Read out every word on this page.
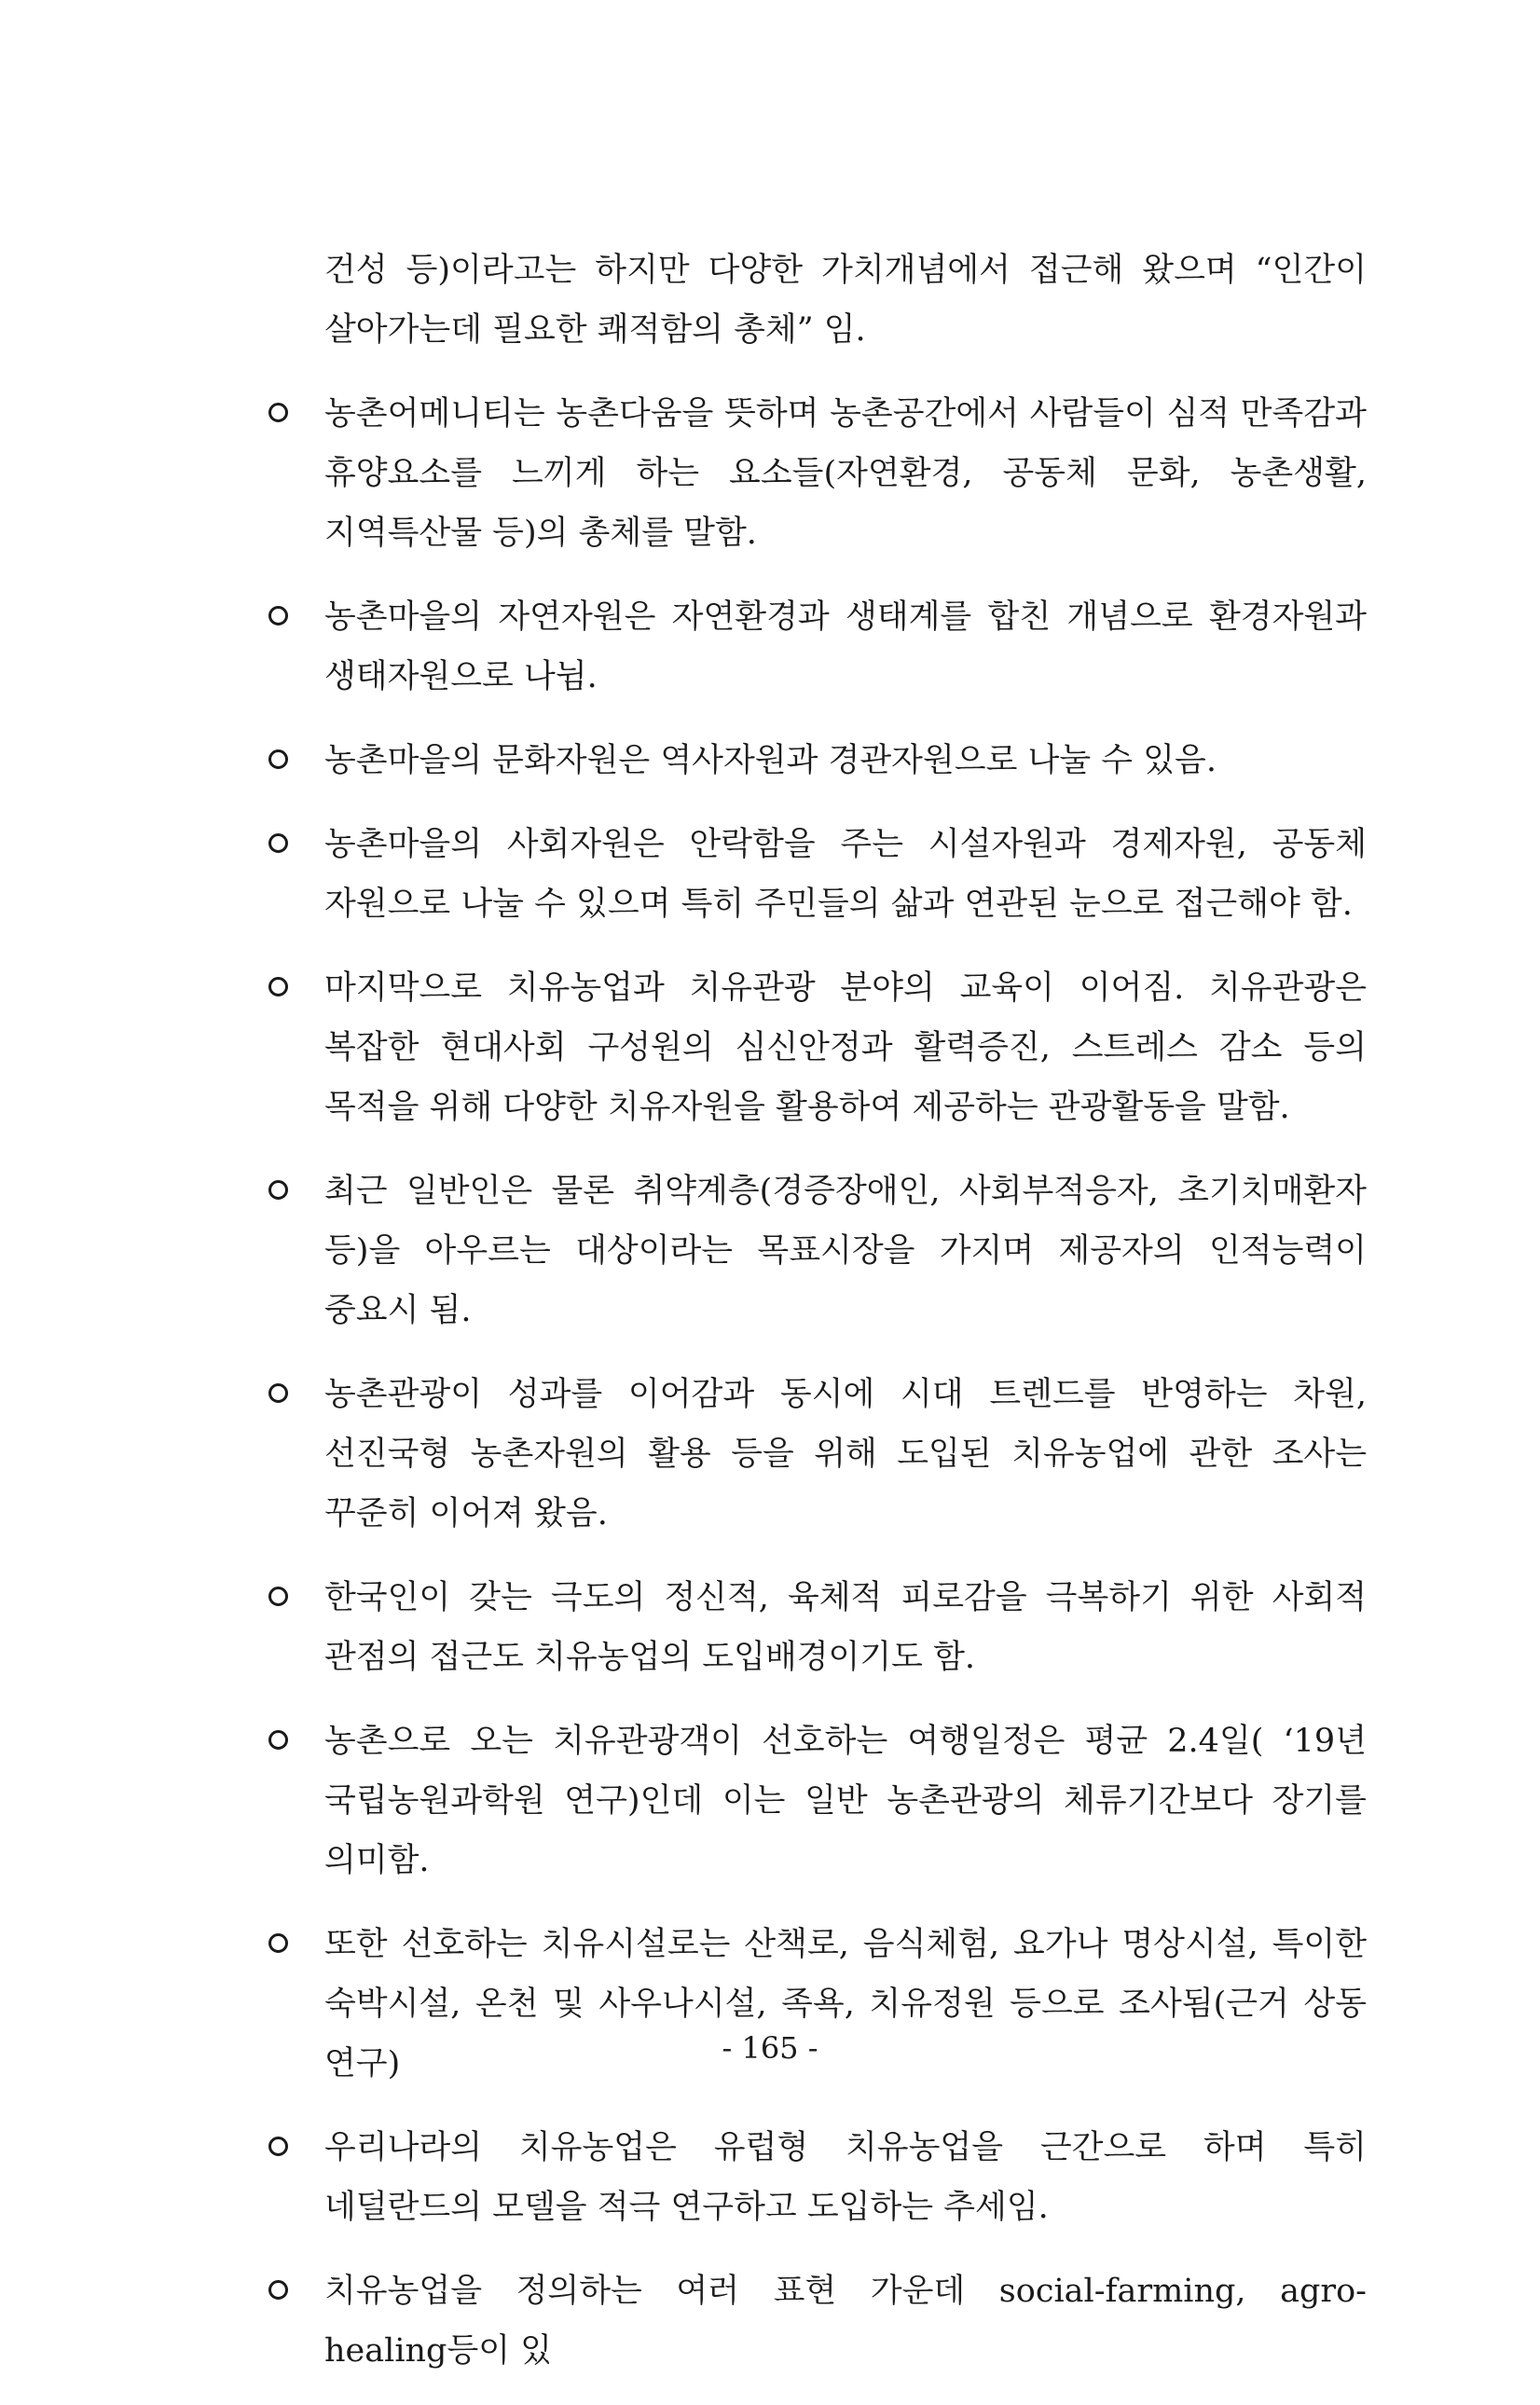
건성 등)이라고는 하지만 다양한 가치개념에서 접근해 왔으며 “인간이 살아가는데 필요한 쾌적함의 총체” 임.

농촌어메니티는 농촌다움을 뜻하며 농촌공간에서 사람들이 심적 만족감과 휴양요소를 느끼게 하는 요소들(자연환경, 공동체 문화, 농촌생활, 지역특산물 등)의 총체를 말함.
농촌마을의 자연자원은 자연환경과 생태계를 합친 개념으로 환경자원과 생태자원으로 나뉨.
농촌마을의 문화자원은 역사자원과 경관자원으로 나눌 수 있음.
농촌마을의 사회자원은 안락함을 주는 시설자원과 경제자원, 공동체 자원으로 나눌 수 있으며 특히 주민들의 삶과 연관된 눈으로 접근해야 함.
마지막으로 치유농업과 치유관광 분야의 교육이 이어짐. 치유관광은 복잡한 현대사회 구성원의 심신안정과 활력증진, 스트레스 감소 등의 목적을 위해 다양한 치유자원을 활용하여 제공하는 관광활동을 말함.
최근 일반인은 물론 취약계층(경증장애인, 사회부적응자, 초기치매환자 등)을 아우르는 대상이라는 목표시장을 가지며 제공자의 인적능력이 중요시 됨.
농촌관광이 성과를 이어감과 동시에 시대 트렌드를 반영하는 차원, 선진국형 농촌자원의 활용 등을 위해 도입된 치유농업에 관한 조사는 꾸준히 이어져 왔음.
한국인이 갖는 극도의 정신적, 육체적 피로감을 극복하기 위한 사회적 관점의 접근도 치유농업의 도입배경이기도 함.
농촌으로 오는 치유관광객이 선호하는 여행일정은 평균 2.4일( ‘19년 국립농원과학원 연구)인데 이는 일반 농촌관광의 체류기간보다 장기를 의미함.
또한 선호하는 치유시설로는 산책로, 음식체험, 요가나 명상시설, 특이한 숙박시설, 온천 및 사우나시설, 족욕, 치유정원 등으로 조사됨(근거 상동 연구)
우리나라의 치유농업은 유럽형 치유농업을 근간으로 하며 특히 네덜란드의 모델을 적극 연구하고 도입하는 추세임.
치유농업을 정의하는 여러 표현 가운데 social-farming, agro-healing등이 있
- 165 -
